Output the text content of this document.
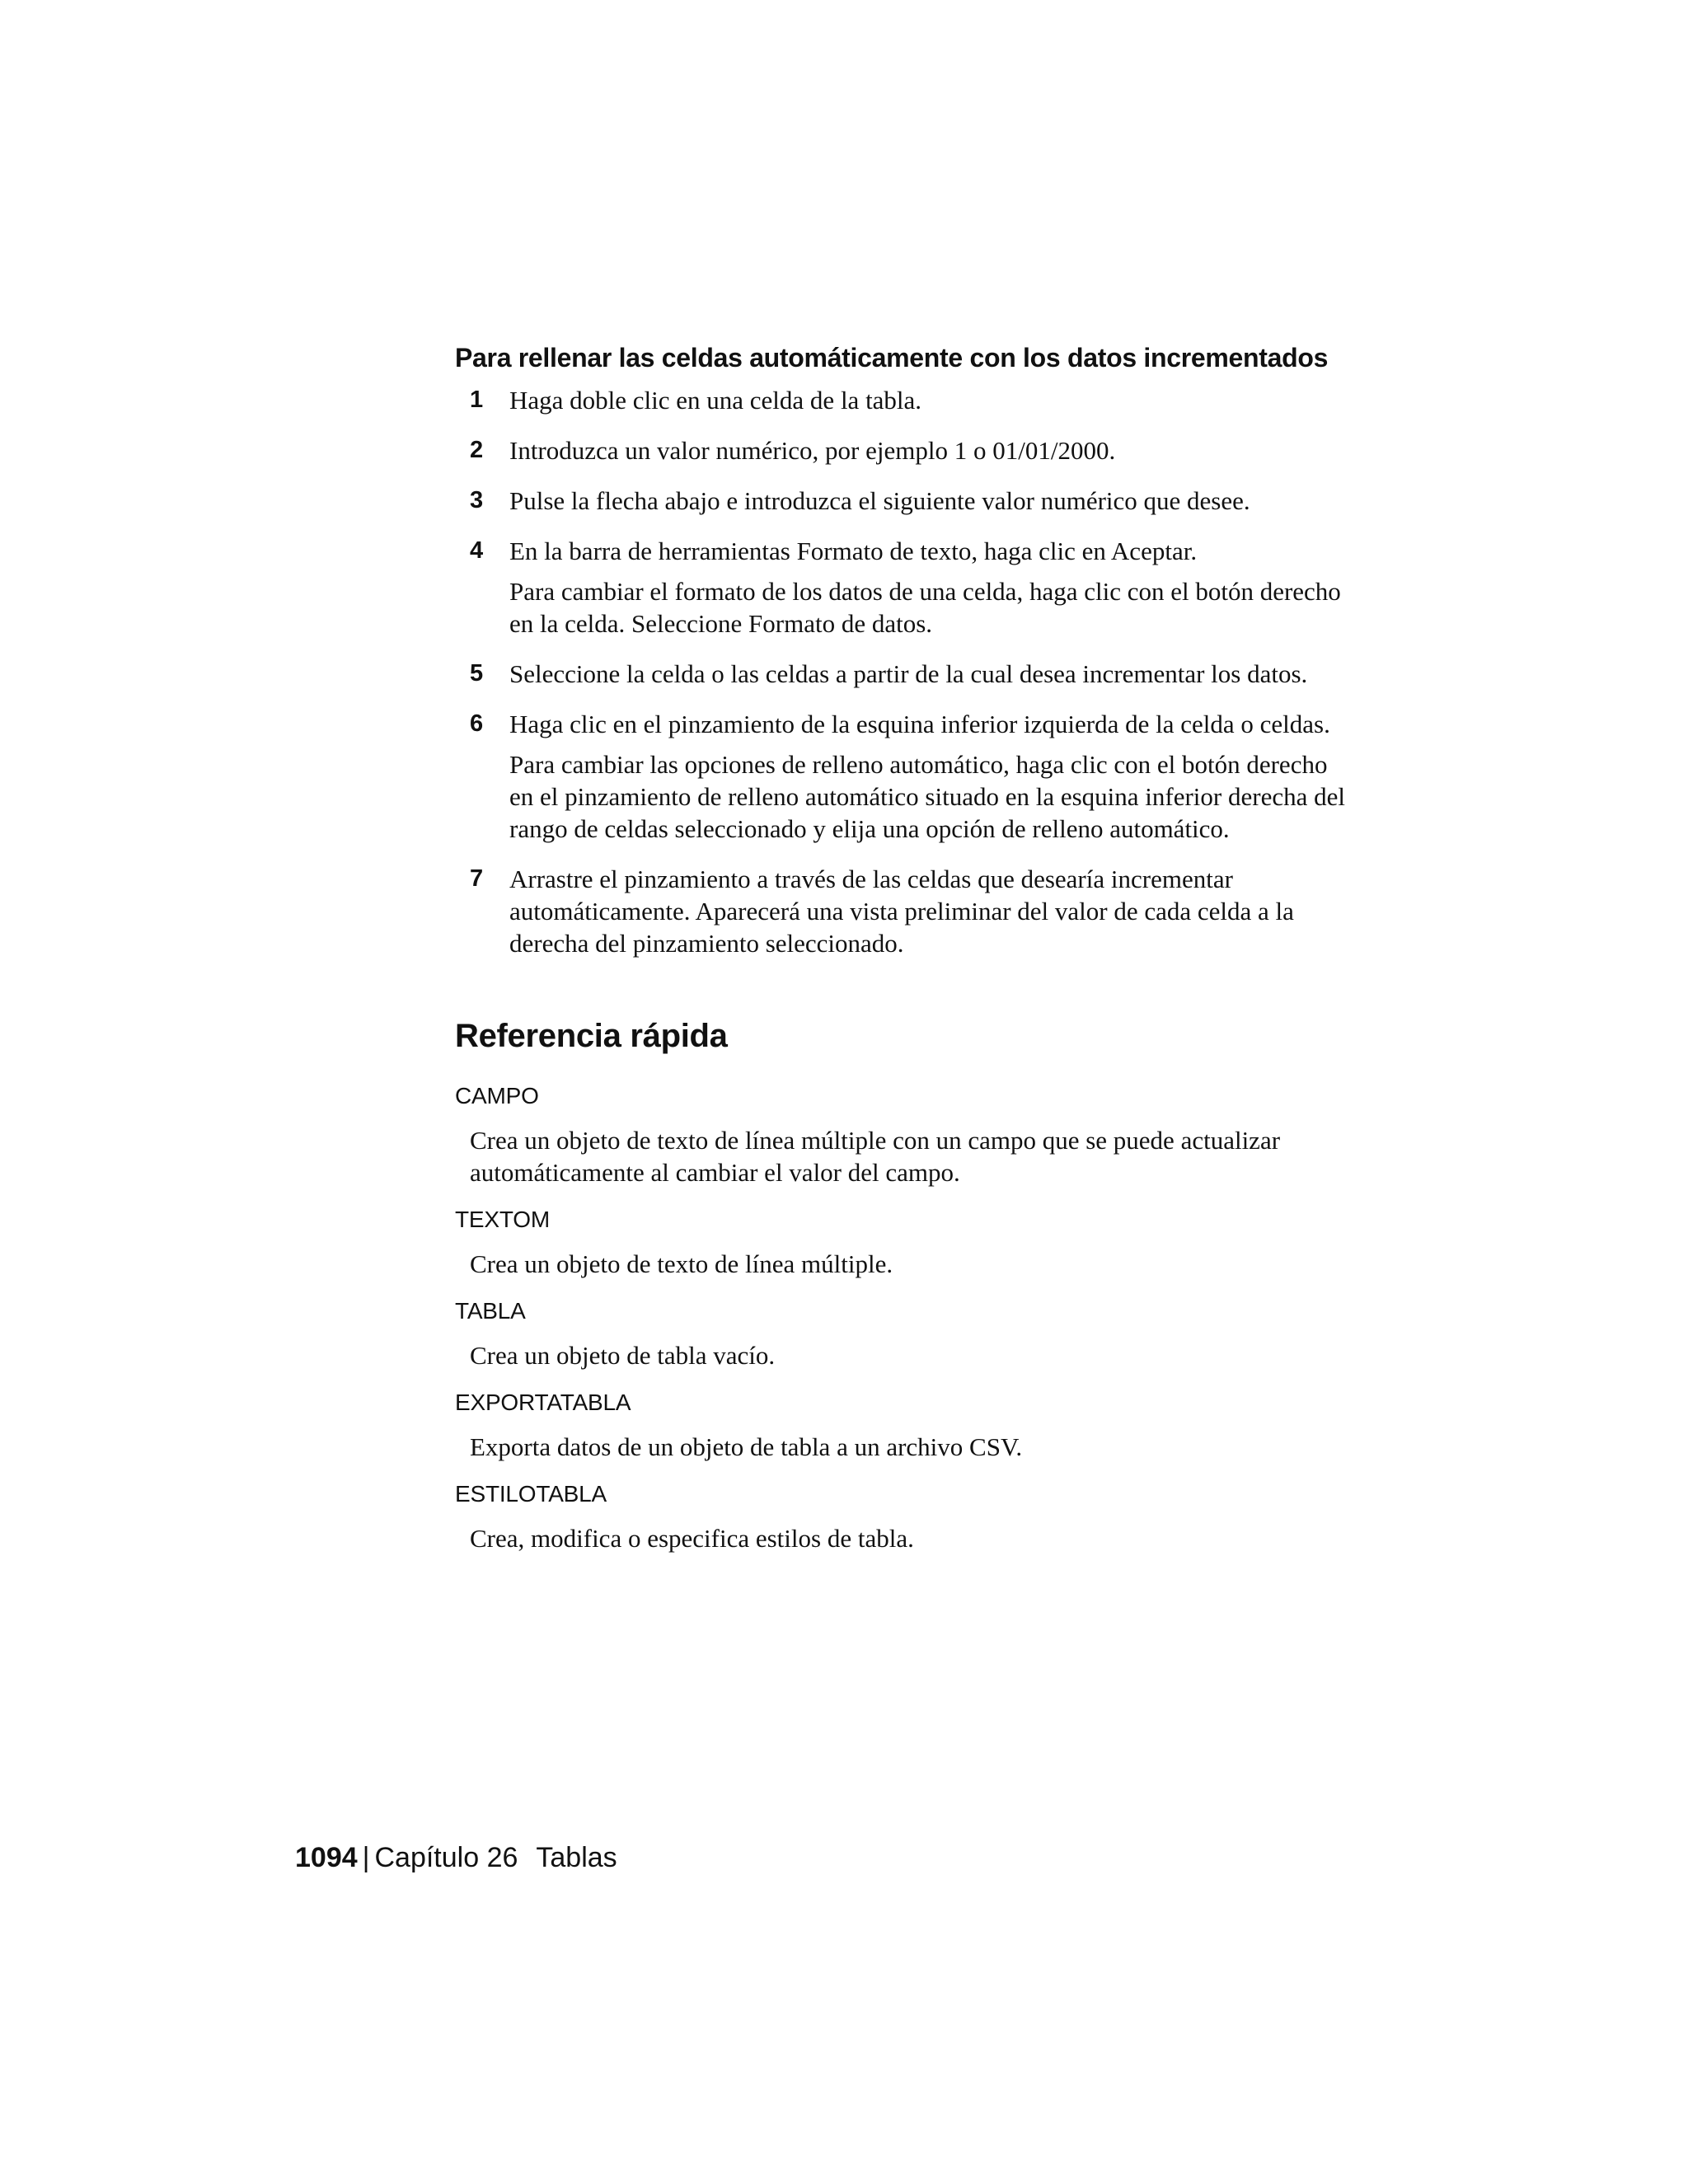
Para rellenar las celdas automáticamente con los datos incrementados
1 Haga doble clic en una celda de la tabla.

2 Introduzca un valor numérico, por ejemplo 1 o 01/01/2000.

3 Pulse la flecha abajo e introduzca el siguiente valor numérico que desee.

4 En la barra de herramientas Formato de texto, haga clic en Aceptar.

Para cambiar el formato de los datos de una celda, haga clic con el botón derecho en la celda. Seleccione Formato de datos.

5 Seleccione la celda o las celdas a partir de la cual desea incrementar los datos.

6 Haga clic en el pinzamiento de la esquina inferior izquierda de la celda o celdas.

Para cambiar las opciones de relleno automático, haga clic con el botón derecho en el pinzamiento de relleno automático situado en la esquina inferior derecha del rango de celdas seleccionado y elija una opción de relleno automático.

7 Arrastre el pinzamiento a través de las celdas que desearía incrementar automáticamente. Aparecerá una vista preliminar del valor de cada celda a la derecha del pinzamiento seleccionado.

Referencia rápida

CAMPO

Crea un objeto de texto de línea múltiple con un campo que se puede actualizar automáticamente al cambiar el valor del campo.

TEXTOM

Crea un objeto de texto de línea múltiple.

TABLA

Crea un objeto de tabla vacío.

EXPORTATABLA

Exporta datos de un objeto de tabla a un archivo CSV.

ESTILOTABLA

Crea, modifica o especifica estilos de tabla.

1094 | Capítulo 26 Tablas
